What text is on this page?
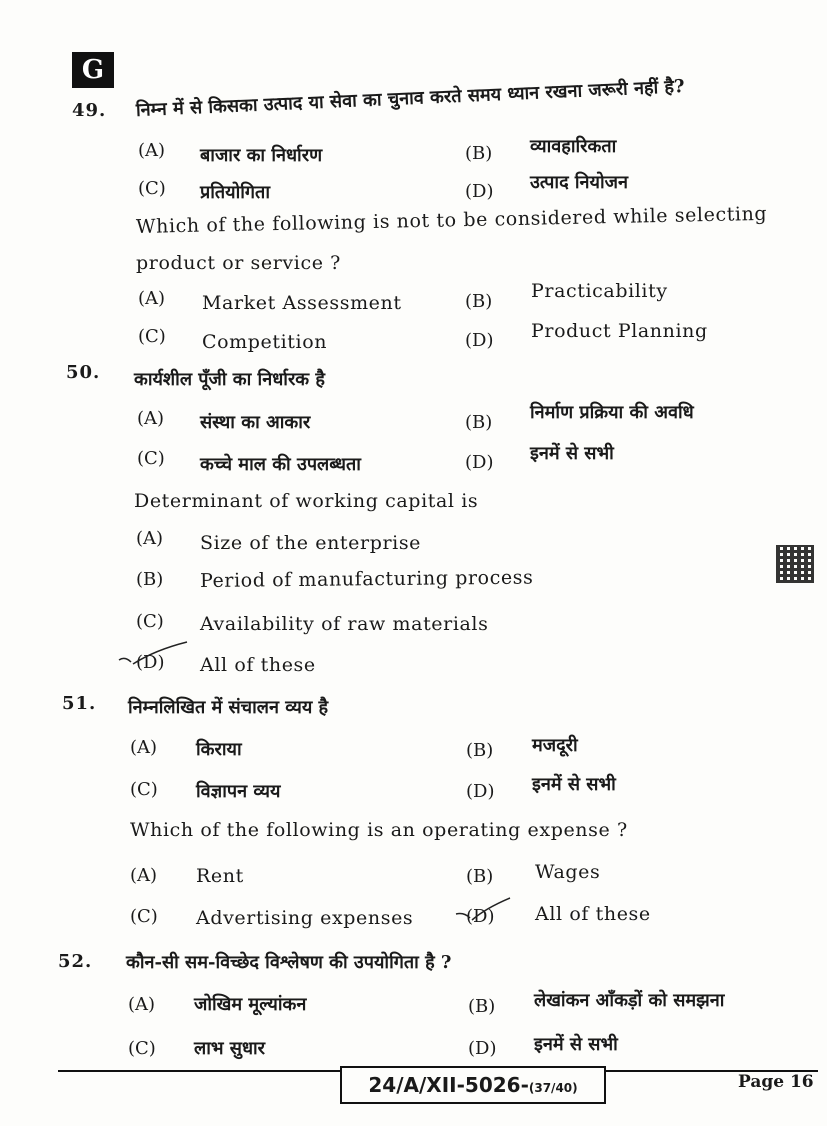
G
49. निम्न में से किसका उत्पाद या सेवा का चुनाव करते समय ध्यान रखना जरूरी नहीं है?
(A) बाजार का निर्धारण	(B) व्यावहारिकता
(C) प्रतियोगिता	(D) उत्पाद नियोजन
Which of the following is not to be considered while selecting
product or service ?
(A) Market Assessment	(B) Practicability
(C) Competition	(D) Product Planning
50. कार्यशील पूँजी का निर्धारक है
(A) संस्था का आकार	(B) निर्माण प्रक्रिया की अवधि
(C) कच्चे माल की उपलब्धता	(D) इनमें से सभी
Determinant of working capital is
(A) Size of the enterprise
(B) Period of manufacturing process
(C) Availability of raw materials
(D) All of these
51. निम्नलिखित में संचालन व्यय है
(A) किराया	(B) मजदूरी
(C) विज्ञापन व्यय	(D) इनमें से सभी
Which of the following is an operating expense ?
(A) Rent	(B) Wages
(C) Advertising expenses	(D) All of these
52. कौन-सी सम-विच्छेद विश्लेषण की उपयोगिता है ?
(A) जोखिम मूल्यांकन	(B) लेखांकन आँकड़ों को समझना
(C) लाभ सुधार	(D) इनमें से सभी
24/A/XII-5026-(37/40)	Page 16
